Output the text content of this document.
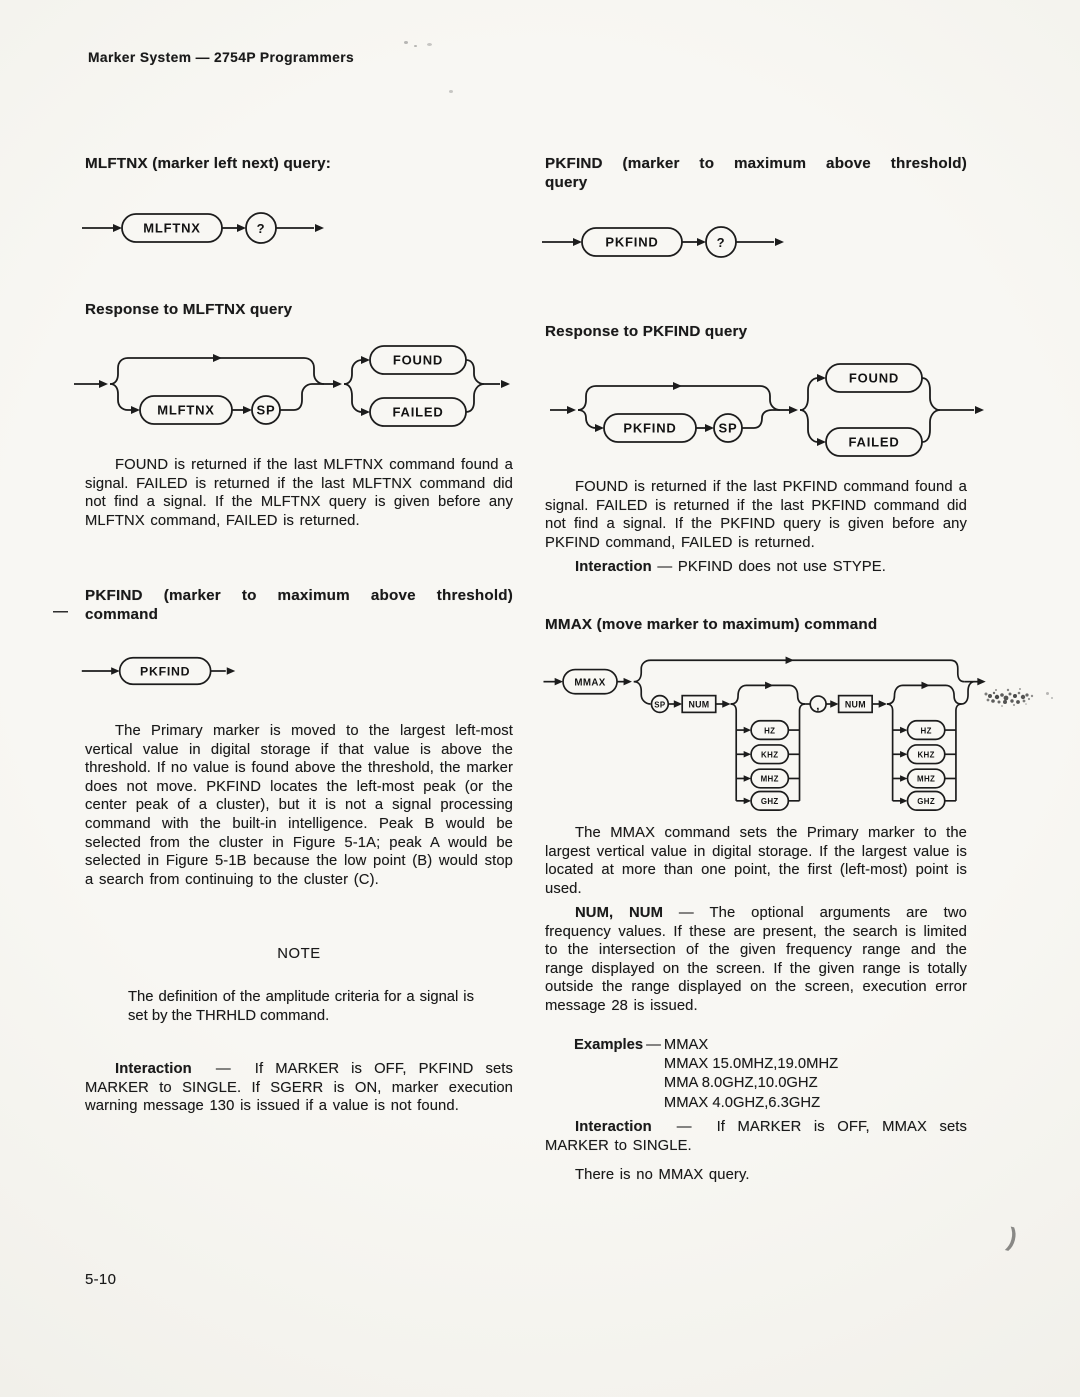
Marker System — 2754P Programmers
MLFTNX (marker left next) query:
MLFTNX	?
Response to MLFTNX query
MLFTNX	SP
FOUND
FAILED

FOUND is returned if the last MLFTNX command found a signal. FAILED is returned if the last MLFTNX command did not find a signal. If the MLFTNX query is given before any MLFTNX command, FAILED is returned.

PKFIND (marker to maximum above threshold)
command
—
PKFIND

The Primary marker is moved to the largest left-most vertical value in digital storage if that value is above the threshold. If no value is found above the threshold, the marker does not move. PKFIND locates the left-most peak (or the center peak of a cluster), but it is not a signal processing command with the built-in intelligence. Peak B would be selected from the cluster in Figure 5-1A; peak A would be selected in Figure 5-1B because the low point (B) would stop a search from continuing to the cluster (C).

NOTE
The definition of the amplitude criteria for a signal is set by the THRHLD command.

Interaction — If MARKER is OFF, PKFIND sets MARKER to SINGLE. If SGERR is ON, marker execution warning message 130 is issued if a value is not found.

5-10
PKFIND (marker to maximum above threshold)
query
PKFIND	?
Response to PKFIND query
PKFIND	SP
FOUND
FAILED

FOUND is returned if the last PKFIND command found a signal. FAILED is returned if the last PKFIND command did not find a signal. If the PKFIND query is given before any PKFIND command, FAILED is returned.

Interaction — PKFIND does not use STYPE.

MMAX (move marker to maximum) command
MMAX
SP NUM	,	NUM
HZ
KHZ
MHZ
GHZ
HZ
KHZ
MHZ
GHZ

The MMAX command sets the Primary marker to the largest vertical value in digital storage. If the largest value is located at more than one point, the first (left-most) point is used.

NUM, NUM — The optional arguments are two frequency values. If these are present, the search is limited to the intersection of the given frequency range and the range displayed on the screen. If the given range is totally outside the range displayed on the screen, execution error message 28 is issued.

Examples — MMAX
MMAX 15.0MHZ,19.0MHZ
MMA 8.0GHZ,10.0GHZ
MMAX 4.0GHZ,6.3GHZ

Interaction — If MARKER is OFF, MMAX sets MARKER to SINGLE.

There is no MMAX query.

)
